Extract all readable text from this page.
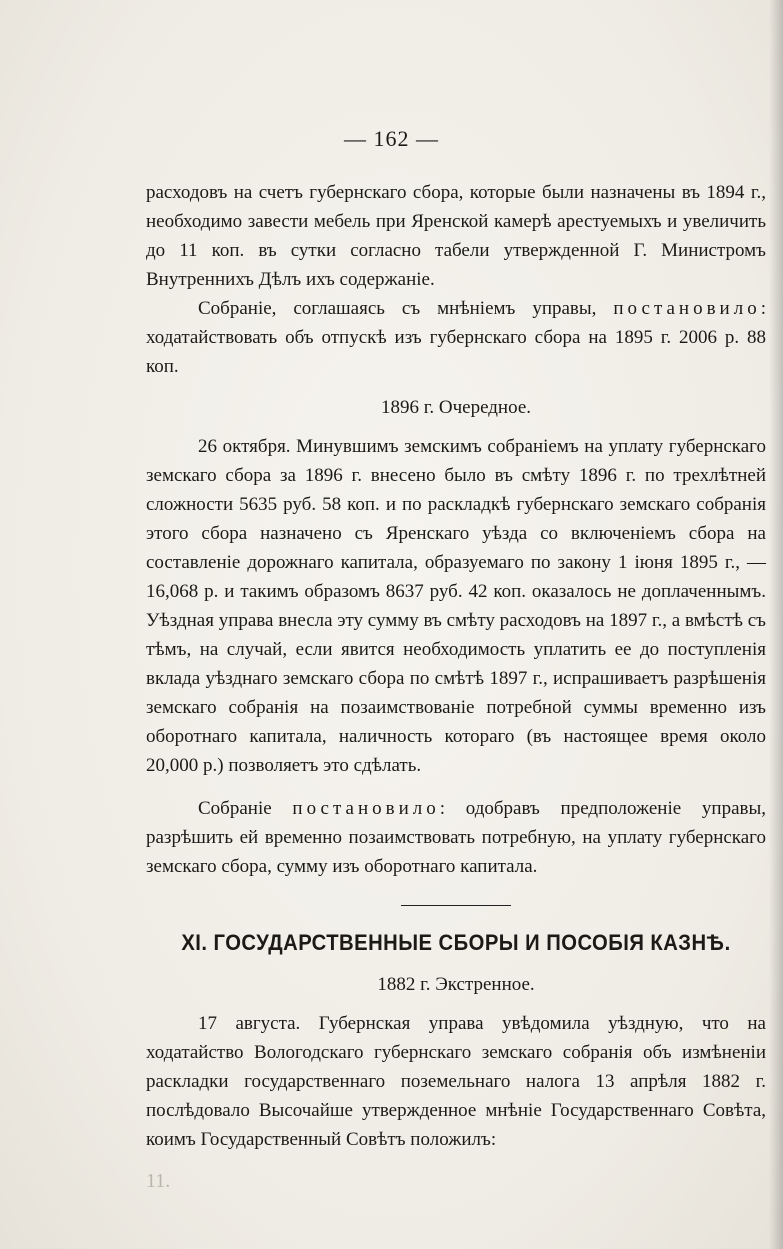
— 162 —

расходовъ на счетъ губернскаго сбора, которые были назначены въ 1894 г., необходимо завести мебель при Яренской камерѣ арестуемыхъ и увеличить до 11 коп. въ сутки согласно табели утвержденной Г. Министромъ Внутреннихъ Дѣлъ ихъ содержаніе.

Собраніе, соглашаясь съ мнѣніемъ управы, постановило: ходатайствовать объ отпускѣ изъ губернскаго сбора на 1895 г. 2006 р. 88 коп.

1896 г. Очередное.

26 октября. Минувшимъ земскимъ собраніемъ на уплату губернскаго земскаго сбора за 1896 г. внесено было въ смѣту 1896 г. по трехлѣтней сложности 5635 руб. 58 коп. и по раскладкѣ губернскаго земскаго собранія этого сбора назначено съ Яренскаго уѣзда со включеніемъ сбора на составленіе дорожнаго капитала, образуемаго по закону 1 іюня 1895 г., — 16,068 р. и такимъ образомъ 8637 руб. 42 коп. оказалось не доплаченнымъ. Уѣздная управа внесла эту сумму въ смѣту расходовъ на 1897 г., а вмѣстѣ съ тѣмъ, на случай, если явится необходимость уплатить ее до поступленія вклада уѣзднаго земскаго сбора по смѣтѣ 1897 г., испрашиваетъ разрѣшенія земскаго собранія на позаимствованіе потребной суммы временно изъ оборотнаго капитала, наличность котораго (въ настоящее время около 20,000 р.) позволяетъ это сдѣлать.

Собраніе постановило: одобравъ предположеніе управы, разрѣшить ей временно позаимствовать потребную, на уплату губернскаго земскаго сбора, сумму изъ оборотнаго капитала.

XI. ГОСУДАРСТВЕННЫЕ СБОРЫ И ПОСОБІЯ КАЗНѢ.
1882 г. Экстренное.

17 августа. Губернская управа увѣдомила уѣздную, что на ходатайство Вологодскаго губернскаго земскаго собранія объ измѣненіи раскладки государственнаго поземельнаго налога 13 апрѣля 1882 г. послѣдовало Высочайше утвержденное мнѣніе Государственнаго Совѣта, коимъ Государственный Совѣтъ положилъ:

11.
